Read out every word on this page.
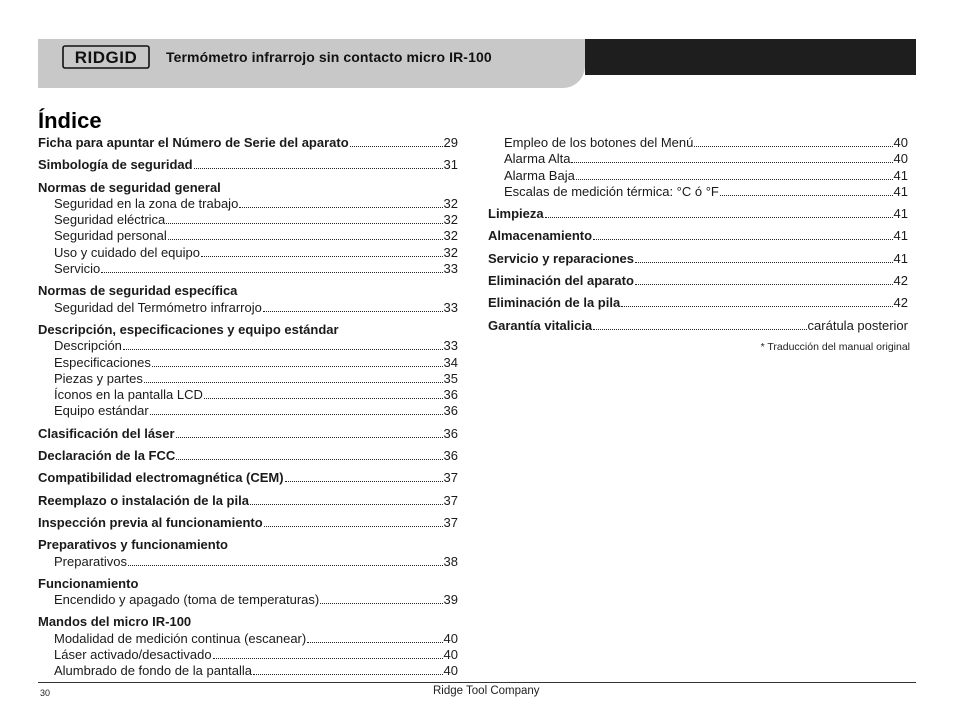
RIDGID Termómetro infrarrojo sin contacto micro IR-100
Índice
Ficha para apuntar el Número de Serie del aparato	29
Simbología de seguridad	31
Normas de seguridad general
Seguridad en la zona de trabajo	32
Seguridad eléctrica	32
Seguridad personal	32
Uso y cuidado del equipo	32
Servicio	33
Normas de seguridad específica
Seguridad del Termómetro infrarrojo	33
Descripción, especificaciones y equipo estándar
Descripción	33
Especificaciones	34
Piezas y partes	35
Íconos en la pantalla LCD	36
Equipo estándar	36
Clasificación del láser	36
Declaración de la FCC	36
Compatibilidad electromagnética (CEM)	37
Reemplazo o instalación de la pila	37
Inspección previa al funcionamiento	37
Preparativos y funcionamiento
Preparativos	38
Funcionamiento
Encendido y apagado (toma de temperaturas)	39
Mandos del micro IR-100
Modalidad de medición continua (escanear)	40
Láser activado/desactivado	40
Alumbrado de fondo de la pantalla	40
Empleo de los botones del Menú	40
Alarma Alta	40
Alarma Baja	41
Escalas de medición térmica: °C ó °F	41
Limpieza	41
Almacenamiento	41
Servicio y reparaciones	41
Eliminación del aparato	42
Eliminación de la pila	42
Garantía vitalicia	carátula posterior
* Traducción del manual original
30	Ridge Tool Company
